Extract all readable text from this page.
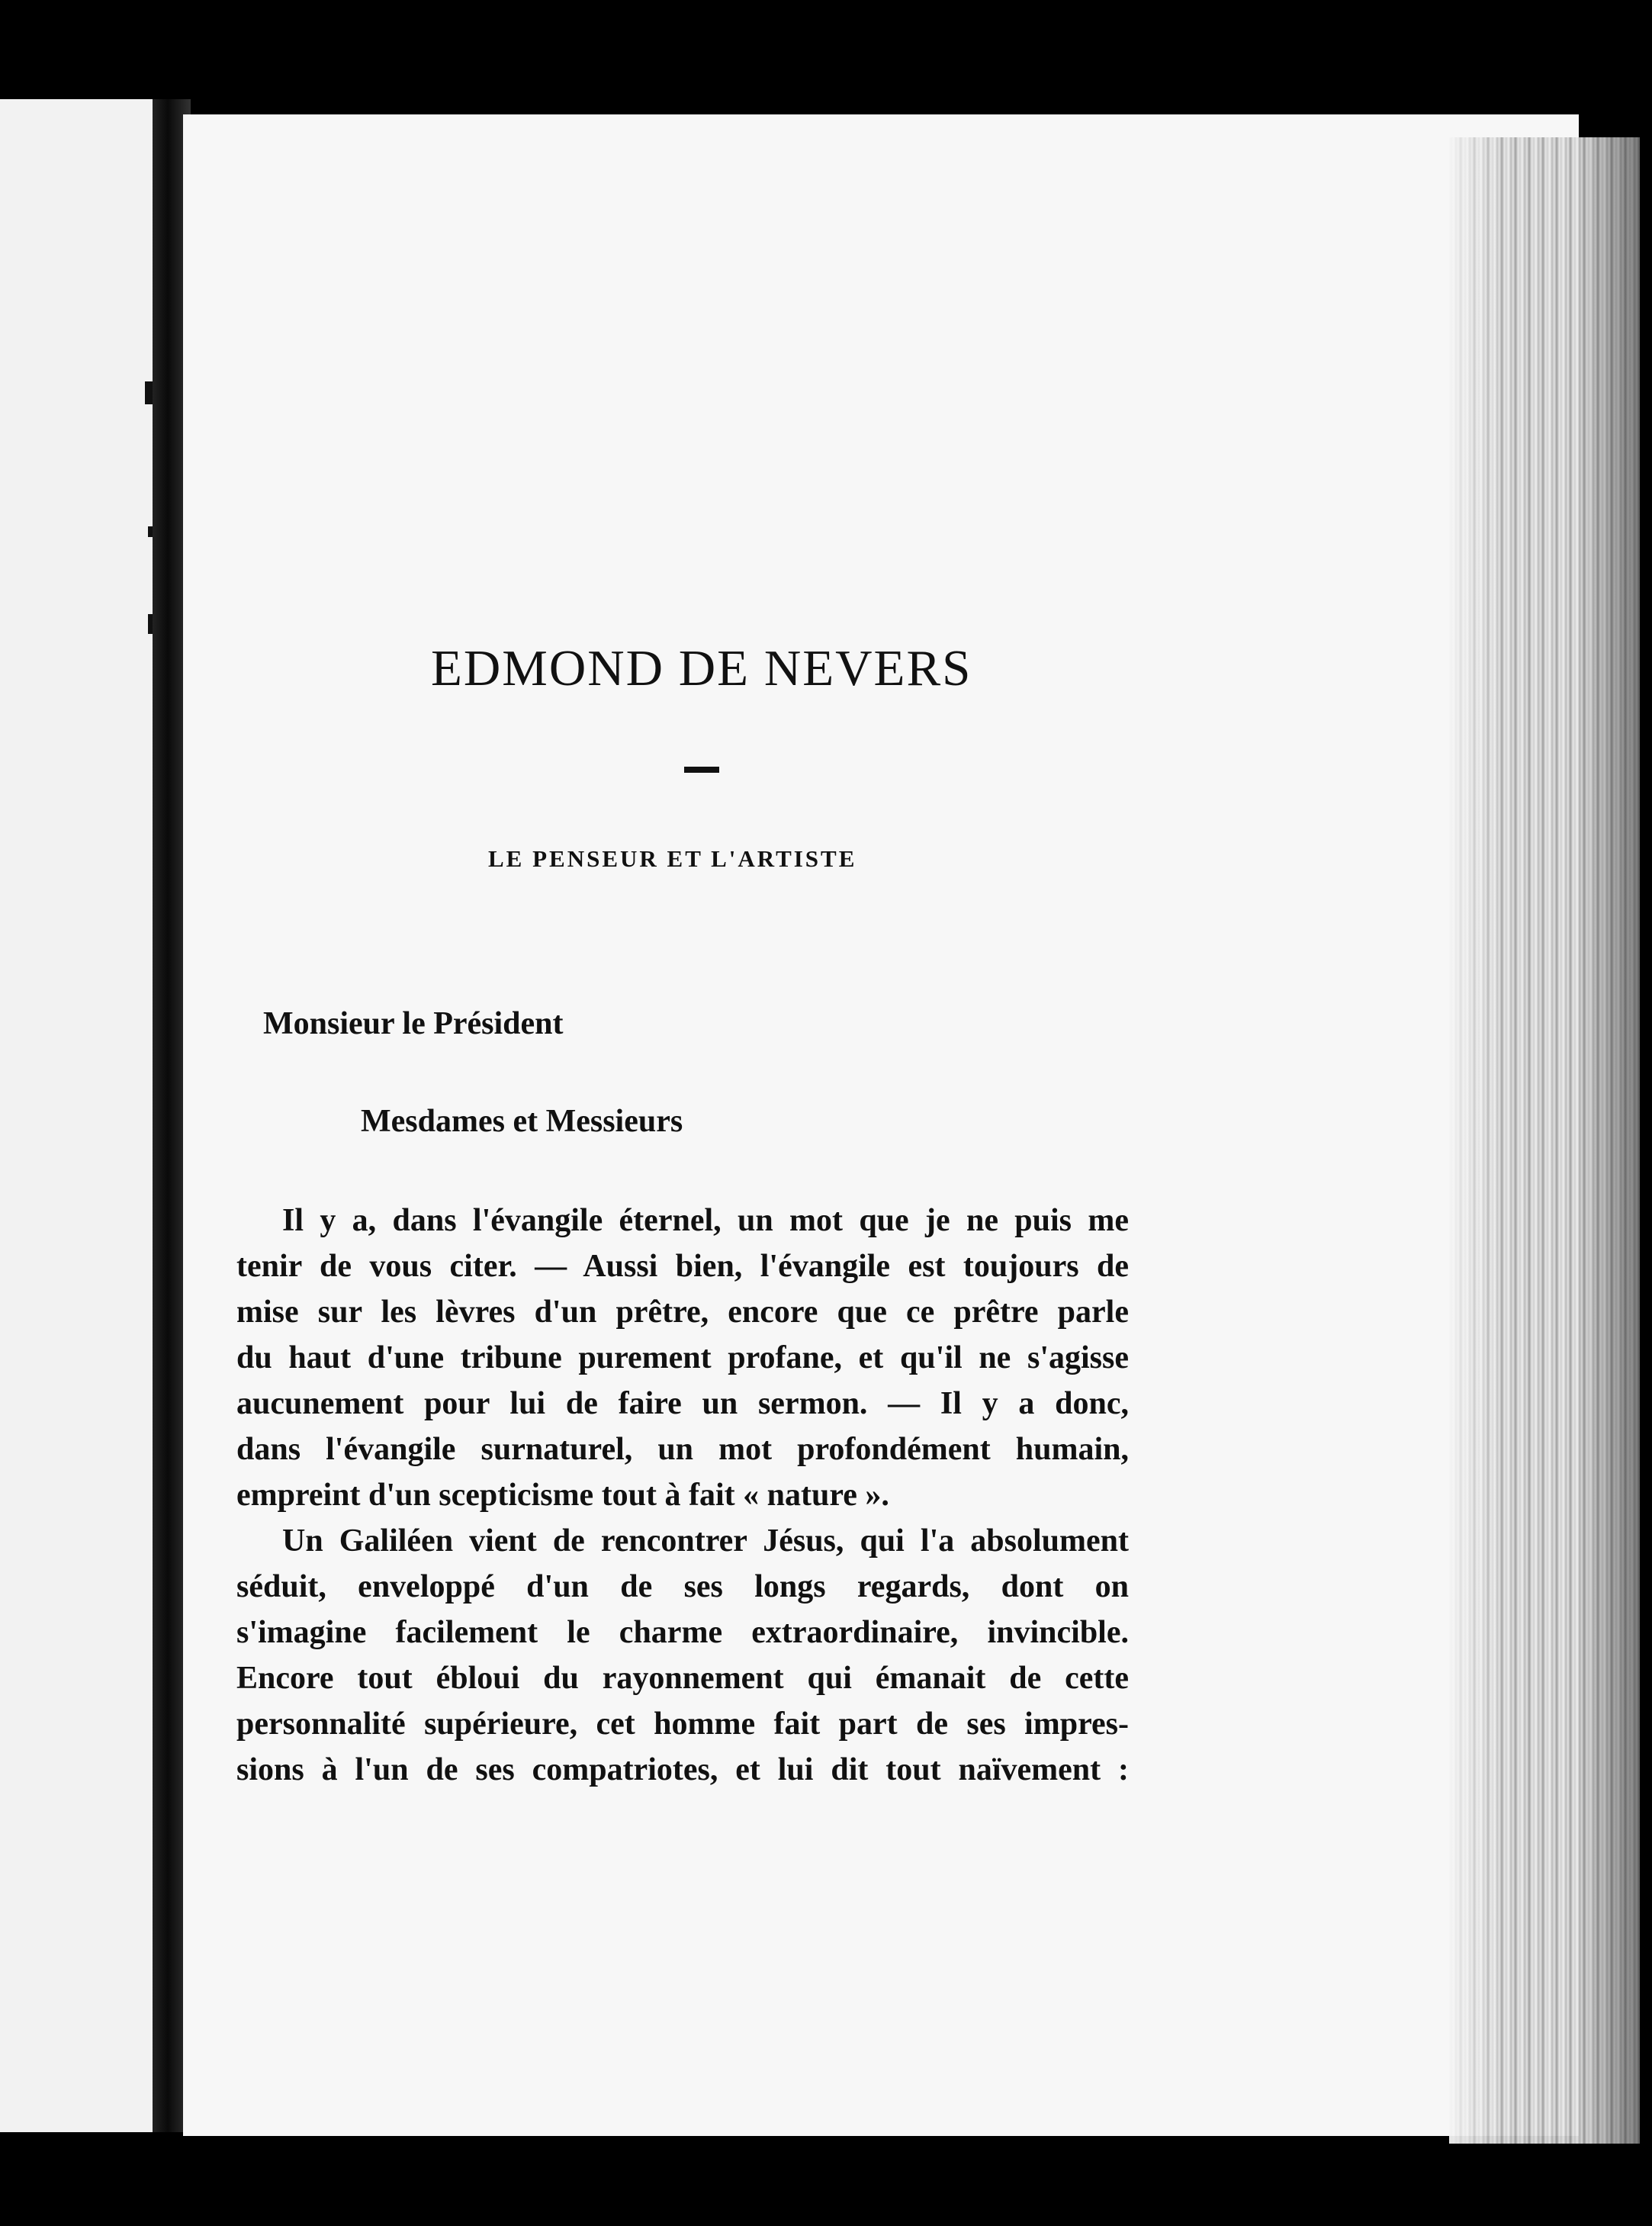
EDMOND DE NEVERS
LE PENSEUR ET L'ARTISTE

Monsieur le Président

Mesdames et Messieurs

Il y a, dans l'évangile éternel, un mot que je ne puis me
tenir de vous citer. — Aussi bien, l'évangile est toujours de
mise sur les lèvres d'un prêtre, encore que ce prêtre parle
du haut d'une tribune purement profane, et qu'il ne s'agisse
aucunement pour lui de faire un sermon. — Il y a donc,
dans l'évangile surnaturel, un mot profondément humain,
empreint d'un scepticisme tout à fait « nature ».
Un Galiléen vient de rencontrer Jésus, qui l'a absolument
séduit, enveloppé d'un de ses longs regards, dont on
s'imagine facilement le charme extraordinaire, invincible.
Encore tout ébloui du rayonnement qui émanait de cette
personnalité supérieure, cet homme fait part de ses impres-
sions à l'un de ses compatriotes, et lui dit tout naïvement :
